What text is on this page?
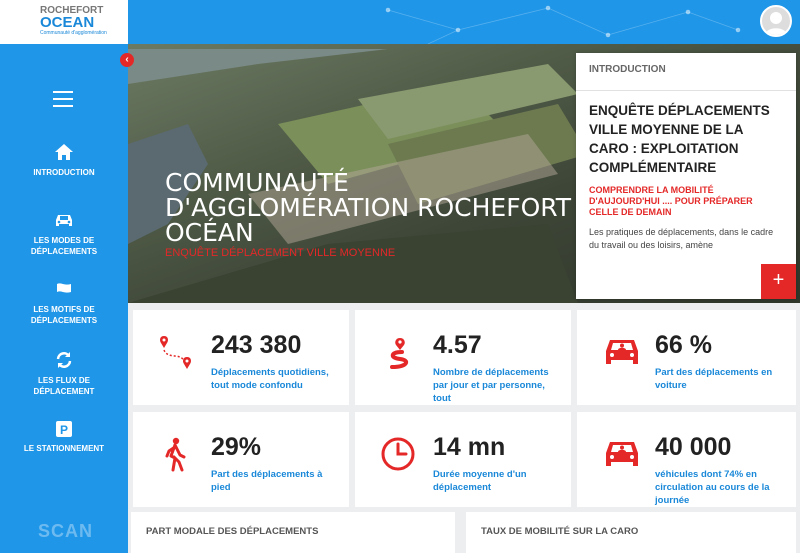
ROCHEFORT
OCEAN
Communauté d'agglomération
INTRODUCTION
LES MODES DE DÉPLACEMENTS
LES MOTIFS DE DÉPLACEMENTS
LES FLUX DE DÉPLACEMENT
P
LE STATIONNEMENT
SCAN
‹
COMMUNAUTÉ D'AGGLOMÉRATION ROCHEFORT OCÉAN
ENQUÊTE DÉPLACEMENT VILLE MOYENNE
INTRODUCTION
ENQUÊTE DÉPLACEMENTS VILLE MOYENNE DE LA CARO : EXPLOITATION COMPLÉMENTAIRE
COMPRENDRE LA MOBILITÉ D'AUJOURD'HUI .... POUR PRÉPARER CELLE DE DEMAIN
Les pratiques de déplacements, dans le cadre du travail ou des loisirs, amène
+
243 380
Déplacements quotidiens, tout mode confondu
4.57
Nombre de déplacements par jour et par personne, tout
66 %
Part des déplacements en voiture
29%
Part des déplacements à pied
14 mn
Durée moyenne d'un déplacement
40 000
véhicules dont 74% en circulation au cours de la journée
PART MODALE DES DÉPLACEMENTS	TAUX DE MOBILITÉ SUR LA CARO
